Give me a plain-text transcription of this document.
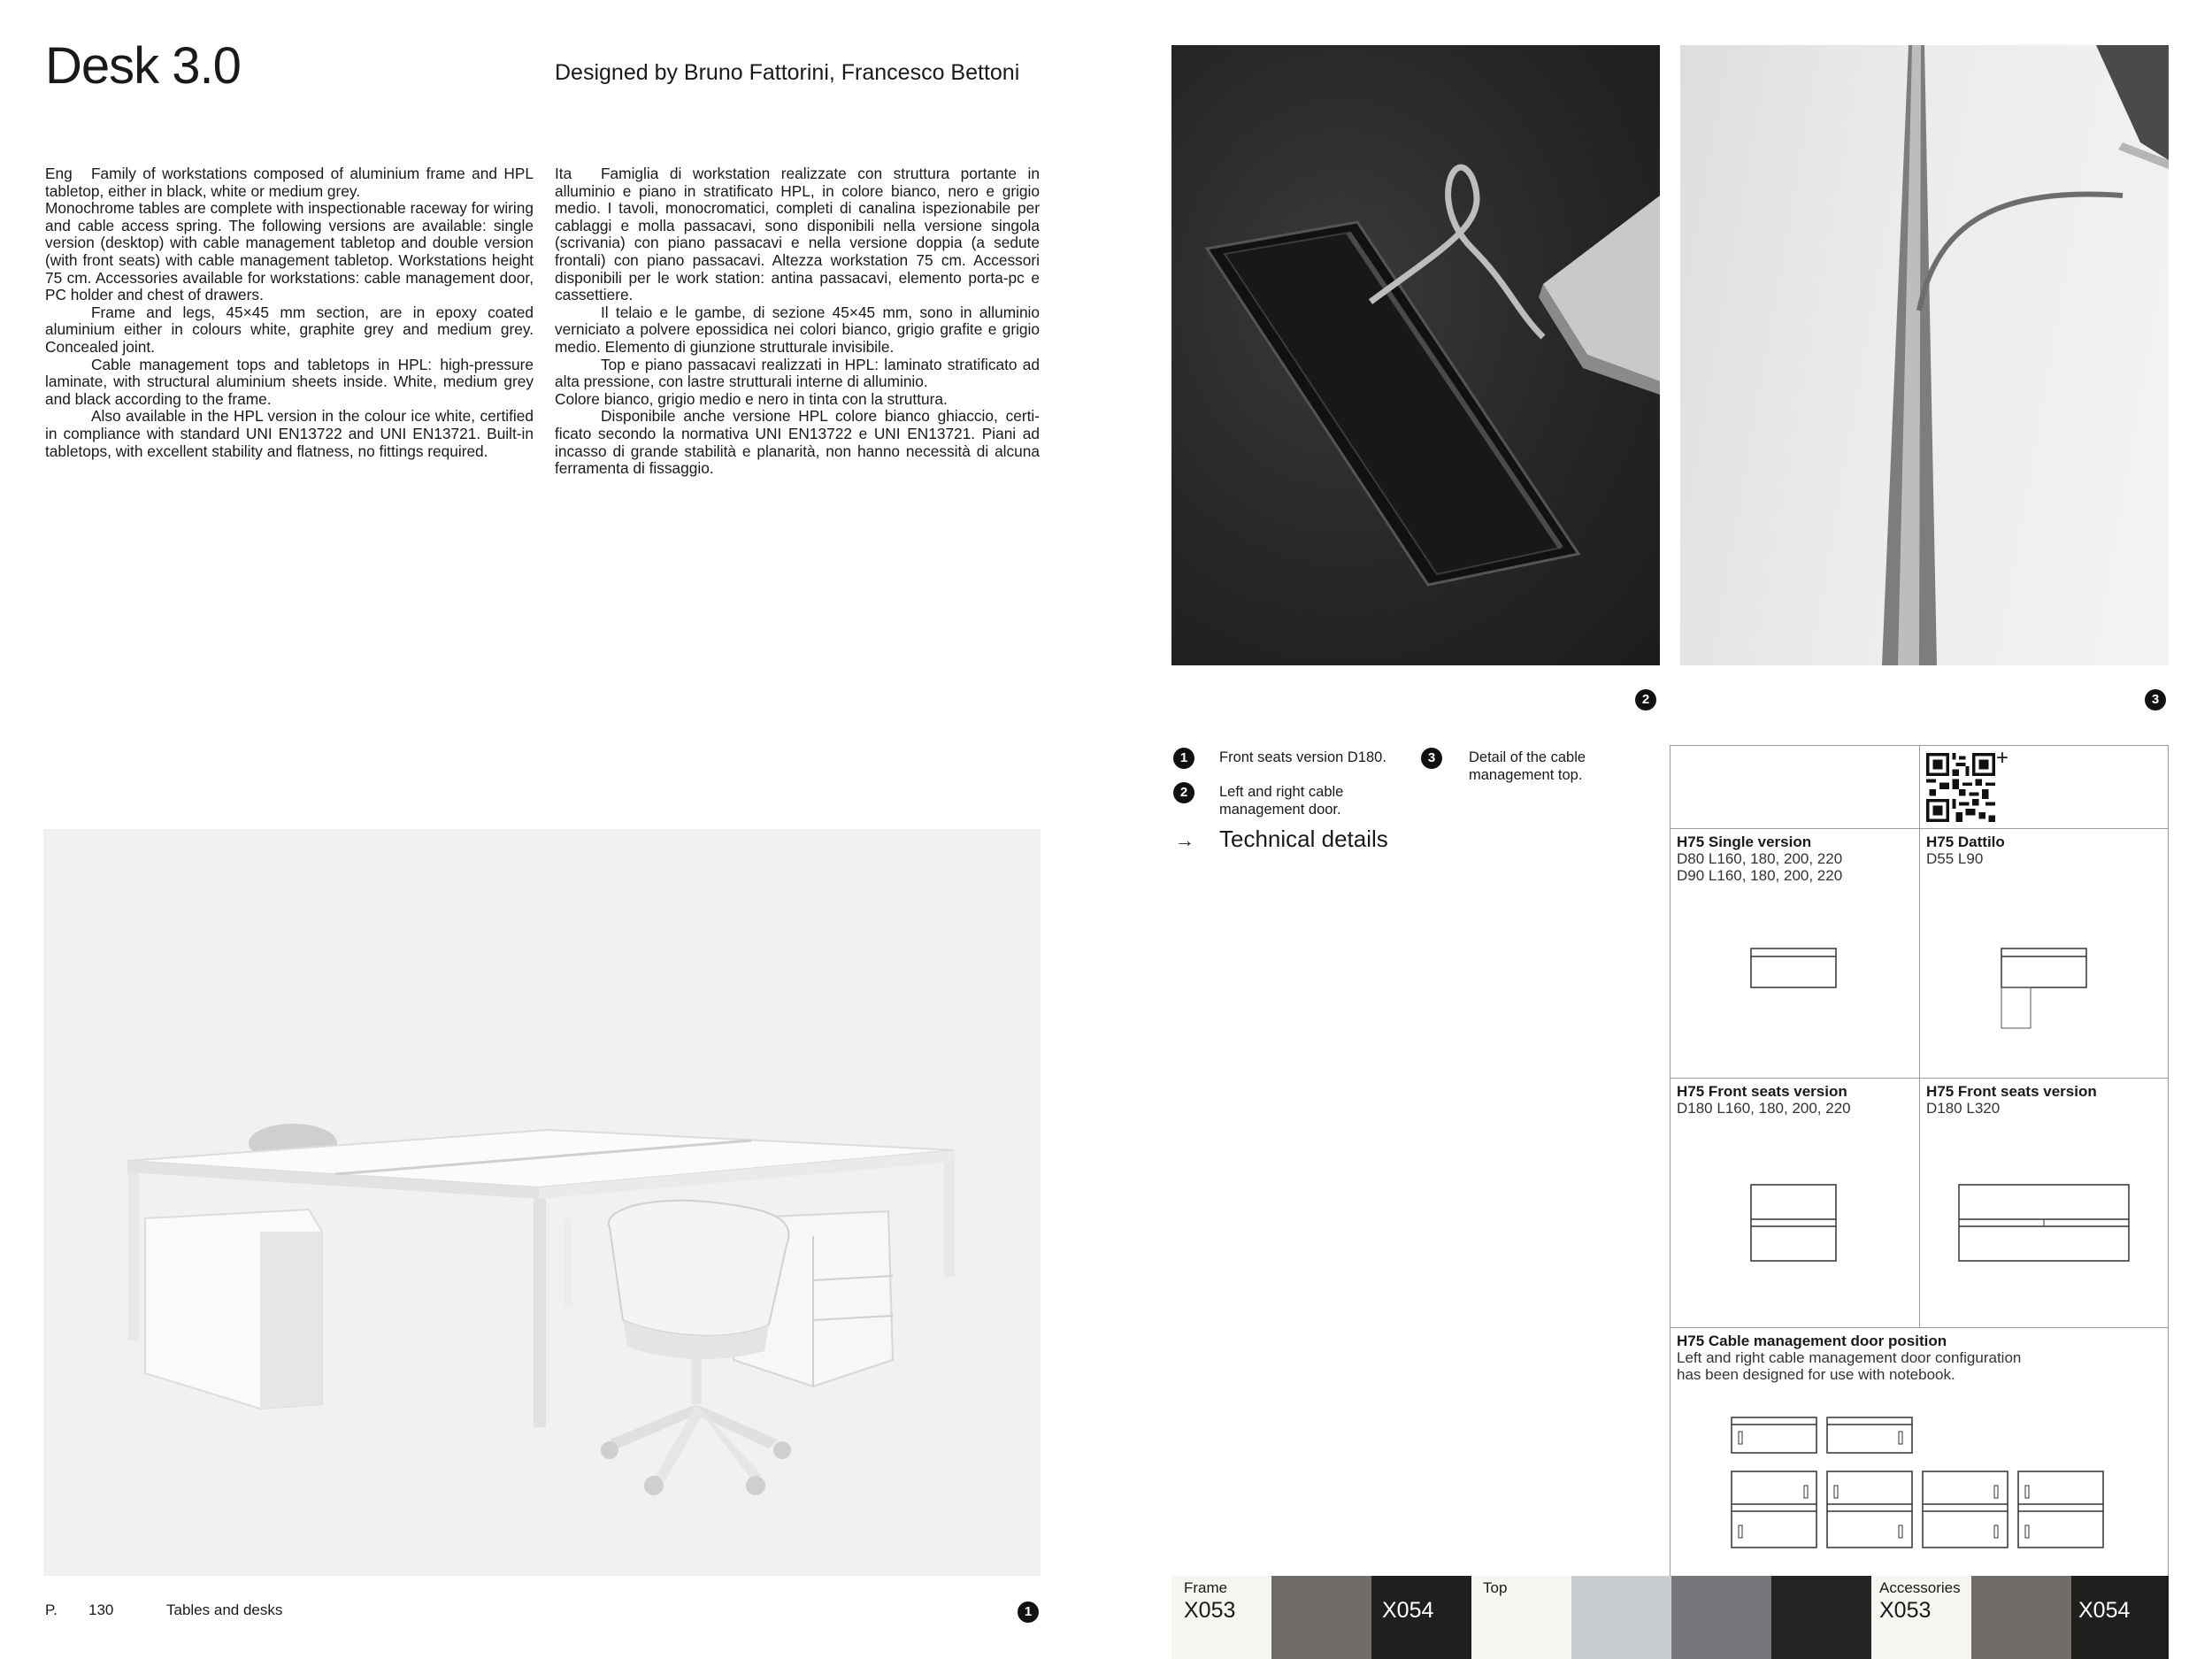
Desk 3.0	Designed by Bruno Fattorini, Francesco Bettoni

Eng Family of workstations composed of aluminium frame and HPL tabletop, either in black, white or medium grey.

Monochrome tables are complete with inspectionable raceway for wiring and cable access spring. The following versions are available: single version (desktop) with cable management tabletop and double version (with front seats) with cable management tabletop. Workstations height 75 cm. Accessories available for workstations: cable management door, PC holder and chest of drawers.

Frame and legs, 45×45 mm section, are in epoxy coated aluminium either in colours white, graphite grey and medium grey. Concealed joint.

Cable management tops and tabletops in HPL: high-pressure laminate, with structural aluminium sheets inside. White, medium grey and black according to the frame.

Also available in the HPL version in the colour ice white, certified in compliance with standard UNI EN13722 and UNI EN13721. Built-in tabletops, with excellent stability and flatness, no fittings required.

Ita Famiglia di workstation realizzate con struttura portante in alluminio e piano in stratificato HPL, in colore bianco, nero e grigio medio. I tavoli, monocromatici, completi di canalina ispezionabile per cablaggi e molla passacavi, sono disponibili nella versione singola (scrivania) con piano passacavi e nella versione doppia (a sedute frontali) con piano passacavi. Altezza workstation 75 cm. Accessori disponibili per le work station: antina passacavi, elemento porta-pc e cassettiere.

Il telaio e le gambe, di sezione 45×45 mm, sono in alluminio verniciato a polvere epossidica nei colori bianco, grigio grafite e grigio medio. Elemento di giunzione strutturale invisibile.

Top e piano passacavi realizzati in HPL: laminato stratificato ad alta pressione, con lastre strutturali interne di alluminio.

Colore bianco, grigio medio e nero in tinta con la struttura.

Disponibile anche versione HPL colore bianco ghiaccio, certificato secondo la normativa UNI EN13722 e UNI EN13721. Piani ad incasso di grande stabilità e planarità, non hanno necessità di alcuna ferramenta di fissaggio.

2	3
1	Front seats version D180.
2	Left and right cable
management door.
3	Detail of the cable
management top.
→ Technical details
+
H75 Single version
D80 L160, 180, 200, 220
D90 L160, 180, 200, 220
H75 Dattilo
D55 L90
H75 Front seats version
D180 L160, 180, 200, 220
H75 Front seats version
D180 L320
H75 Cable management door position
Left and right cable management door configuration
has been designed for use with notebook.
P. 130	Tables and desks	1
Frame
X053	X054
Top	Accessories
X053	X054
